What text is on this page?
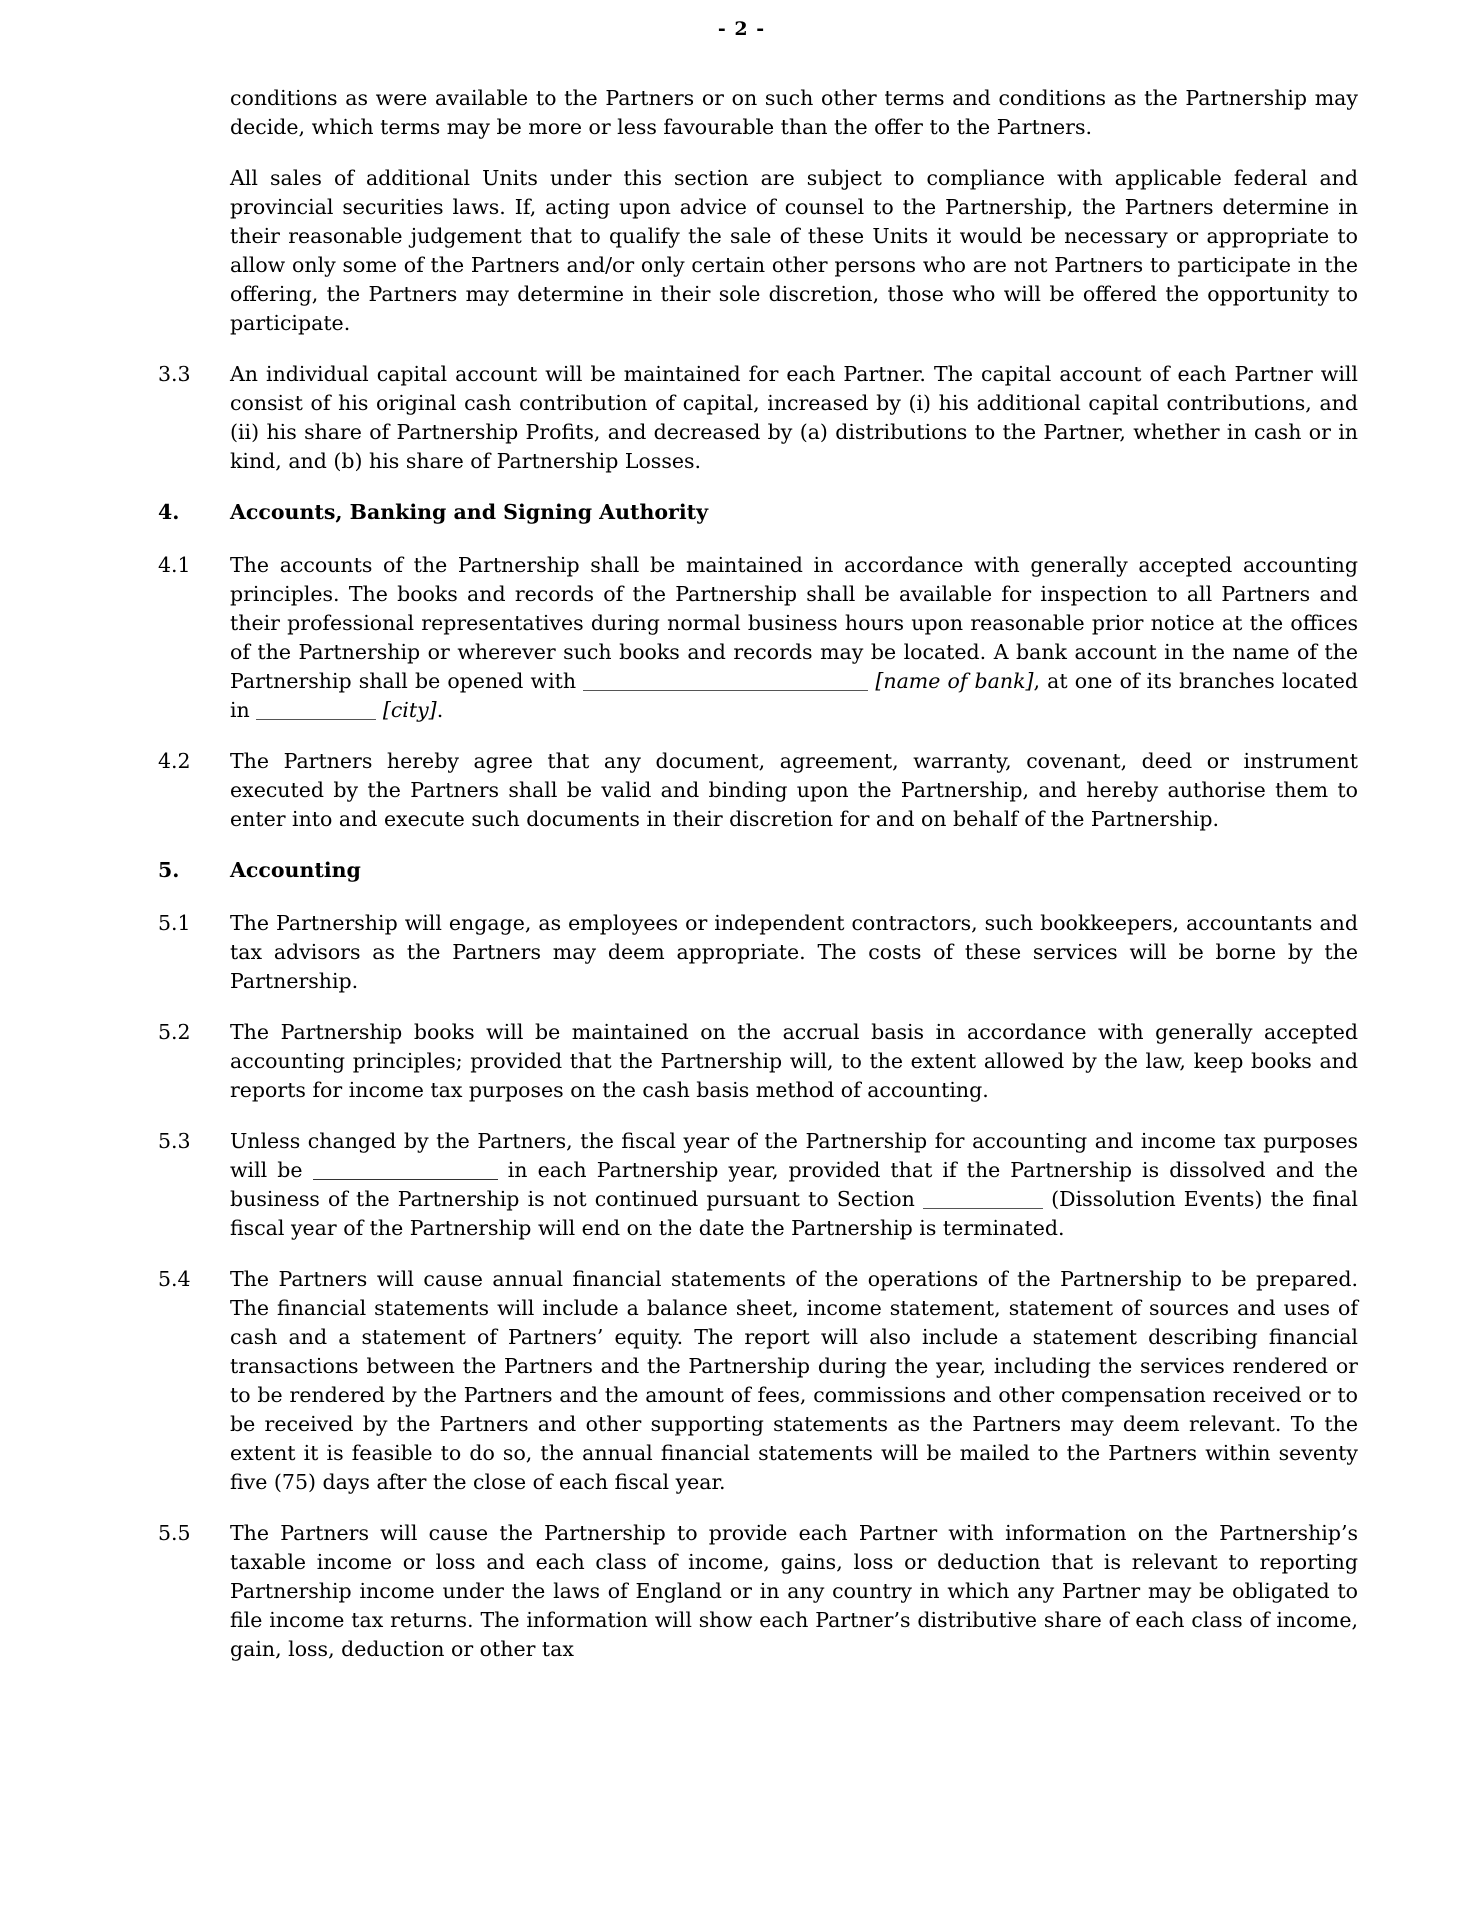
- 2 -

conditions as were available to the Partners or on such other terms and conditions as the Partnership may decide, which terms may be more or less favourable than the offer to the Partners.

All sales of additional Units under this section are subject to compliance with applicable federal and provincial securities laws. If, acting upon advice of counsel to the Partnership, the Partners determine in their reasonable judgement that to qualify the sale of these Units it would be necessary or appropriate to allow only some of the Partners and/or only certain other persons who are not Partners to participate in the offering, the Partners may determine in their sole discretion, those who will be offered the opportunity to participate.

3.3	An individual capital account will be maintained for each Partner. The capital account of each Partner will consist of his original cash contribution of capital, increased by (i) his additional capital contributions, and (ii) his share of Partnership Profits, and decreased by (a) distributions to the Partner, whether in cash or in kind, and (b) his share of Partnership Losses.
4.	Accounts, Banking and Signing Authority
4.1	The accounts of the Partnership shall be maintained in accordance with generally accepted accounting principles. The books and records of the Partnership shall be available for inspection to all Partners and their professional representatives during normal business hours upon reasonable prior notice at the offices of the Partnership or wherever such books and records may be located. A bank account in the name of the Partnership shall be opened with	[name of bank], at one of its branches located in	[city].
4.2	The Partners hereby agree that any document, agreement, warranty, covenant, deed or instrument executed by the Partners shall be valid and binding upon the Partnership, and hereby authorise them to enter into and execute such documents in their discretion for and on behalf of the Partnership.
5.	Accounting
5.1	The Partnership will engage, as employees or independent contractors, such bookkeepers, accountants and tax advisors as the Partners may deem appropriate. The costs of these services will be borne by the Partnership.
5.2	The Partnership books will be maintained on the accrual basis in accordance with generally accepted accounting principles; provided that the Partnership will, to the extent allowed by the law, keep books and reports for income tax purposes on the cash basis method of accounting.
5.3	Unless changed by the Partners, the fiscal year of the Partnership for accounting and income tax purposes will be	in each Partnership year, provided that if the Partnership is dissolved and the business of the Partnership is not continued pursuant to Section	(Dissolution Events) the final fiscal year of the Partnership will end on the date the Partnership is terminated.
5.4	The Partners will cause annual financial statements of the operations of the Partnership to be prepared. The financial statements will include a balance sheet, income statement, statement of sources and uses of cash and a statement of Partners’ equity. The report will also include a statement describing financial transactions between the Partners and the Partnership during the year, including the services rendered or to be rendered by the Partners and the amount of fees, commissions and other compensation received or to be received by the Partners and other supporting statements as the Partners may deem relevant. To the extent it is feasible to do so, the annual financial statements will be mailed to the Partners within seventy five (75) days after the close of each fiscal year.
5.5	The Partners will cause the Partnership to provide each Partner with information on the Partnership’s taxable income or loss and each class of income, gains, loss or deduction that is relevant to reporting Partnership income under the laws of England or in any country in which any Partner may be obligated to file income tax returns. The information will show each Partner’s distributive share of each class of income, gain, loss, deduction or other tax
